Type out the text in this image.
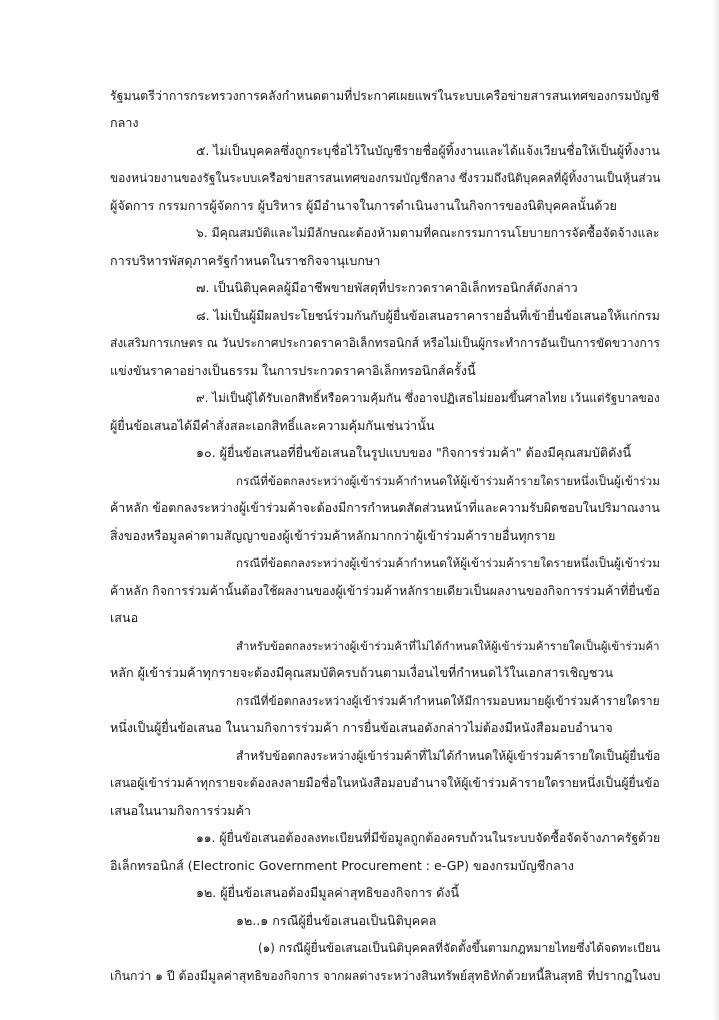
รัฐมนตรีว่าการกระทรวงการคลังกำหนดตามที่ประกาศเผยแพร่ในระบบเครือข่ายสารสนเทศของกรมบัญชี
กลาง
๕. ไม่เป็นบุคคลซึ่งถูกระบุชื่อไว้ในบัญชีรายชื่อผู้ทิ้งงานและได้แจ้งเวียนชื่อให้เป็นผู้ทิ้งงาน
ของหน่วยงานของรัฐในระบบเครือข่ายสารสนเทศของกรมบัญชีกลาง ซึ่งรวมถึงนิติบุคคลที่ผู้ทิ้งงานเป็นหุ้นส่วน
ผู้จัดการ กรรมการผู้จัดการ ผู้บริหาร ผู้มีอำนาจในการดำเนินงานในกิจการของนิติบุคคลนั้นด้วย
๖. มีคุณสมบัติและไม่มีลักษณะต้องห้ามตามที่คณะกรรมการนโยบายการจัดซื้อจัดจ้างและ
การบริหารพัสดุภาครัฐกำหนดในราชกิจจานุเบกษา
๗. เป็นนิติบุคคลผู้มีอาชีพขายพัสดุที่ประกวดราคาอิเล็กทรอนิกส์ดังกล่าว
๘. ไม่เป็นผู้มีผลประโยชน์ร่วมกันกับผู้ยื่นข้อเสนอราคารายอื่นที่เข้ายื่นข้อเสนอให้แก่กรม
ส่งเสริมการเกษตร ณ วันประกาศประกวดราคาอิเล็กทรอนิกส์ หรือไม่เป็นผู้กระทำการอันเป็นการขัดขวางการ
แข่งขันราคาอย่างเป็นธรรม ในการประกวดราคาอิเล็กทรอนิกส์ครั้งนี้
๙. ไม่เป็นผู้ได้รับเอกสิทธิ์หรือความคุ้มกัน ซึ่งอาจปฏิเสธไม่ยอมขึ้นศาลไทย เว้นแต่รัฐบาลของ
ผู้ยื่นข้อเสนอได้มีคำสั่งสละเอกสิทธิ์และความคุ้มกันเช่นว่านั้น
๑๐. ผู้ยื่นข้อเสนอที่ยื่นข้อเสนอในรูปแบบของ "กิจการร่วมค้า" ต้องมีคุณสมบัติดังนี้
กรณีที่ข้อตกลงระหว่างผู้เข้าร่วมค้ากำหนดให้ผู้เข้าร่วมค้ารายใดรายหนึ่งเป็นผู้เข้าร่วม
ค้าหลัก ข้อตกลงระหว่างผู้เข้าร่วมค้าจะต้องมีการกำหนดสัดส่วนหน้าที่และความรับผิดชอบในปริมาณงาน
สิ่งของหรือมูลค่าตามสัญญาของผู้เข้าร่วมค้าหลักมากกว่าผู้เข้าร่วมค้ารายอื่นทุกราย
กรณีที่ข้อตกลงระหว่างผู้เข้าร่วมค้ากำหนดให้ผู้เข้าร่วมค้ารายใดรายหนึ่งเป็นผู้เข้าร่วม
ค้าหลัก กิจการร่วมค้านั้นต้องใช้ผลงานของผู้เข้าร่วมค้าหลักรายเดียวเป็นผลงานของกิจการร่วมค้าที่ยื่นข้อ
เสนอ
สำหรับข้อตกลงระหว่างผู้เข้าร่วมค้าที่ไม่ได้กำหนดให้ผู้เข้าร่วมค้ารายใดเป็นผู้เข้าร่วมค้า
หลัก ผู้เข้าร่วมค้าทุกรายจะต้องมีคุณสมบัติครบถ้วนตามเงื่อนไขที่กำหนดไว้ในเอกสารเชิญชวน
กรณีที่ข้อตกลงระหว่างผู้เข้าร่วมค้ากำหนดให้มีการมอบหมายผู้เข้าร่วมค้ารายใดราย
หนึ่งเป็นผู้ยื่นข้อเสนอ ในนามกิจการร่วมค้า การยื่นข้อเสนอดังกล่าวไม่ต้องมีหนังสือมอบอำนาจ
สำหรับข้อตกลงระหว่างผู้เข้าร่วมค้าที่ไม่ได้กำหนดให้ผู้เข้าร่วมค้ารายใดเป็นผู้ยื่นข้อ
เสนอผู้เข้าร่วมค้าทุกรายจะต้องลงลายมือชื่อในหนังสือมอบอำนาจให้ผู้เข้าร่วมค้ารายใดรายหนึ่งเป็นผู้ยื่นข้อ
เสนอในนามกิจการร่วมค้า
๑๑. ผู้ยื่นข้อเสนอต้องลงทะเบียนที่มีข้อมูลถูกต้องครบถ้วนในระบบจัดซื้อจัดจ้างภาครัฐด้วย
อิเล็กทรอนิกส์ (Electronic Government Procurement : e-GP) ของกรมบัญชีกลาง
๑๒. ผู้ยื่นข้อเสนอต้องมีมูลค่าสุทธิของกิจการ ดังนี้
๑๒..๑ กรณีผู้ยื่นข้อเสนอเป็นนิติบุคคล
(๑) กรณีผู้ยื่นข้อเสนอเป็นนิติบุคคลที่จัดตั้งขึ้นตามกฎหมายไทยซึ่งได้จดทะเบียน
เกินกว่า ๑ ปี ต้องมีมูลค่าสุทธิของกิจการ จากผลต่างระหว่างสินทรัพย์สุทธิหักด้วยหนี้สินสุทธิ ที่ปรากฏในงบ
